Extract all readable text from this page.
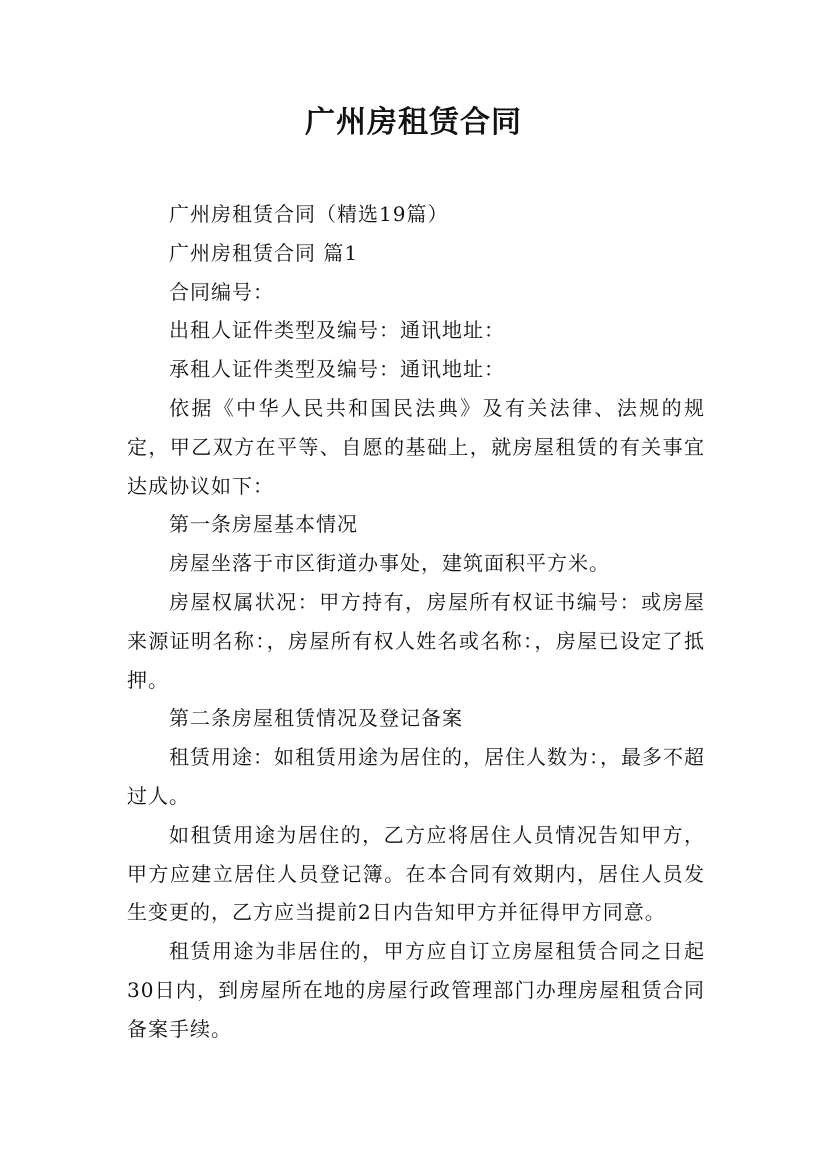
广州房租赁合同

广州房租赁合同（精选19篇）

广州房租赁合同 篇1

合同编号：

出租人证件类型及编号：通讯地址：

承租人证件类型及编号：通讯地址：

依据《中华人民共和国民法典》及有关法律、法规的规定，甲乙双方在平等、自愿的基础上，就房屋租赁的有关事宜达成协议如下：

第一条房屋基本情况

房屋坐落于市区街道办事处，建筑面积平方米。

房屋权属状况：甲方持有，房屋所有权证书编号：或房屋来源证明名称：，房屋所有权人姓名或名称：，房屋已设定了抵押。

第二条房屋租赁情况及登记备案

租赁用途：如租赁用途为居住的，居住人数为：，最多不超过人。

如租赁用途为居住的，乙方应将居住人员情况告知甲方，甲方应建立居住人员登记簿。在本合同有效期内，居住人员发生变更的，乙方应当提前2日内告知甲方并征得甲方同意。

租赁用途为非居住的，甲方应自订立房屋租赁合同之日起30日内，到房屋所在地的房屋行政管理部门办理房屋租赁合同备案手续。
